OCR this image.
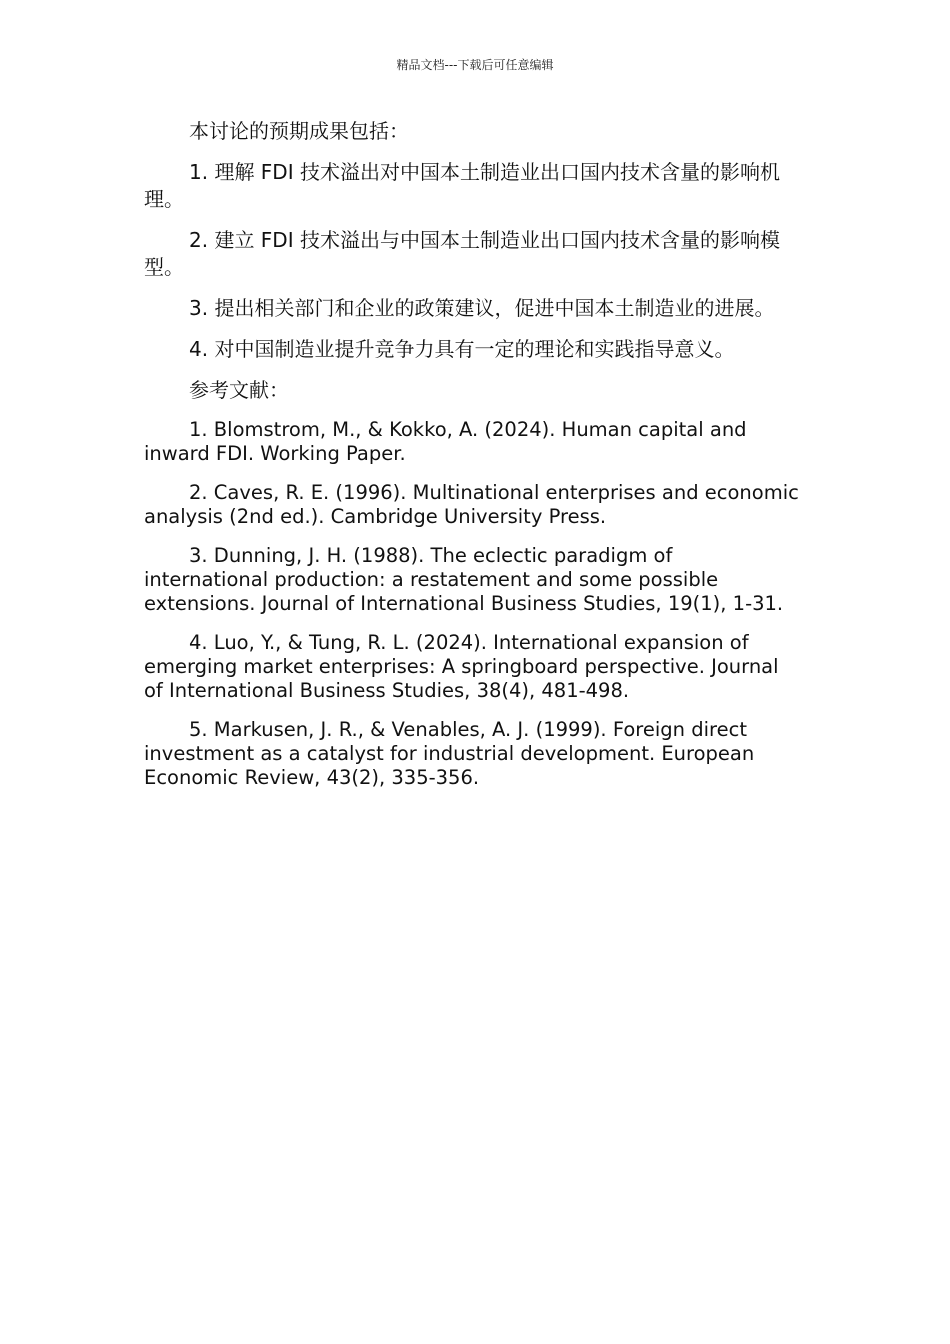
精品文档---下载后可任意编辑

本讨论的预期成果包括：

1. 理解 FDI 技术溢出对中国本土制造业出口国内技术含量的影响机理。

2. 建立 FDI 技术溢出与中国本土制造业出口国内技术含量的影响模型。

3. 提出相关部门和企业的政策建议，促进中国本土制造业的进展。

4. 对中国制造业提升竞争力具有一定的理论和实践指导意义。

参考文献：

1. Blomstrom, M., & Kokko, A. (2024). Human capital and inward FDI. Working Paper.

2. Caves, R. E. (1996). Multinational enterprises and economic analysis (2nd ed.). Cambridge University Press.

3. Dunning, J. H. (1988). The eclectic paradigm of international production: a restatement and some possible extensions. Journal of International Business Studies, 19(1), 1-31.

4. Luo, Y., & Tung, R. L. (2024). International expansion of emerging market enterprises: A springboard perspective. Journal of International Business Studies, 38(4), 481-498.

5. Markusen, J. R., & Venables, A. J. (1999). Foreign direct investment as a catalyst for industrial development. European Economic Review, 43(2), 335-356.
